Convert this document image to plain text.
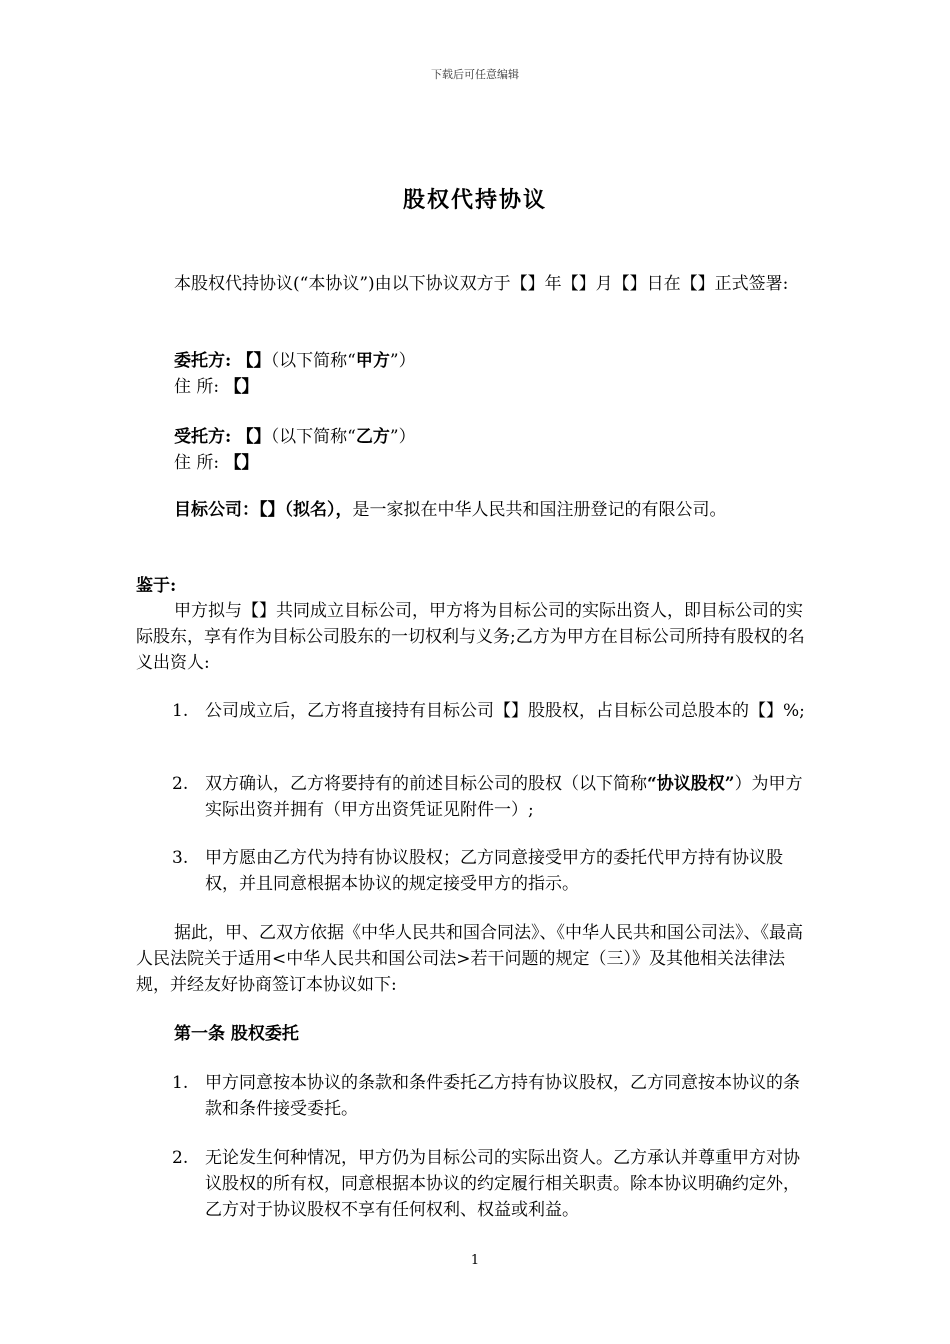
下载后可任意编辑
股权代持协议

本股权代持协议(“本协议”)由以下协议双方于【】年【】月【】日在【】正式签署:

委托方: 【】（以下简称“甲方”）
住 所: 【】
受托方: 【】（以下简称“乙方”）
住 所: 【】

目标公司：【】（拟名），是一家拟在中华人民共和国注册登记的有限公司。

鉴于:

甲方拟与【】共同成立目标公司，甲方将为目标公司的实际出资人，即目标公司的实际股东，享有作为目标公司股东的一切权利与义务;乙方为甲方在目标公司所持有股权的名义出资人:

1. 公司成立后，乙方将直接持有目标公司【】股股权，占目标公司总股本的【】%;
2. 双方确认，乙方将要持有的前述目标公司的股权（以下简称“协议股权”）为甲方实际出资并拥有（甲方出资凭证见附件一）;
3. 甲方愿由乙方代为持有协议股权；乙方同意接受甲方的委托代甲方持有协议股权，并且同意根据本协议的规定接受甲方的指示。

据此，甲、乙双方依据《中华人民共和国合同法》、《中华人民共和国公司法》、《最高人民法院关于适用<中华人民共和国公司法>若干问题的规定（三）》及其他相关法律法规，并经友好协商签订本协议如下:

第一条 股权委托
1. 甲方同意按本协议的条款和条件委托乙方持有协议股权，乙方同意按本协议的条款和条件接受委托。
2. 无论发生何种情况，甲方仍为目标公司的实际出资人。乙方承认并尊重甲方对协议股权的所有权，同意根据本协议的约定履行相关职责。除本协议明确约定外，乙方对于协议股权不享有任何权利、权益或利益。
1
